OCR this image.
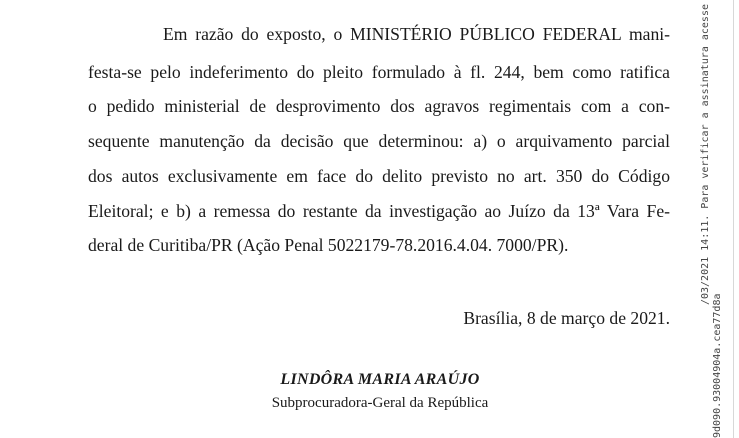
Em razão do exposto, o MINISTÉRIO PÚBLICO FEDERAL mani-
festa-se pelo indeferimento do pleito formulado à fl. 244, bem como ratifica
o pedido ministerial de desprovimento dos agravos regimentais com a con-
sequente manutenção da decisão que determinou: a) o arquivamento parcial
dos autos exclusivamente em face do delito previsto no art. 350 do Código
Eleitoral; e b) a remessa do restante da investigação ao Juízo da 13ª Vara Fe-
deral de Curitiba/PR (Ação Penal 5022179-78.2016.4.04. 7000/PR).
Brasília, 8 de março de 2021.
LINDÔRA MARIA ARAÚJO
Subprocuradora-Geral da República
/03/2021 14:11. Para verificar a assinatura acesse
9d090.93004904a.cea77d8a
